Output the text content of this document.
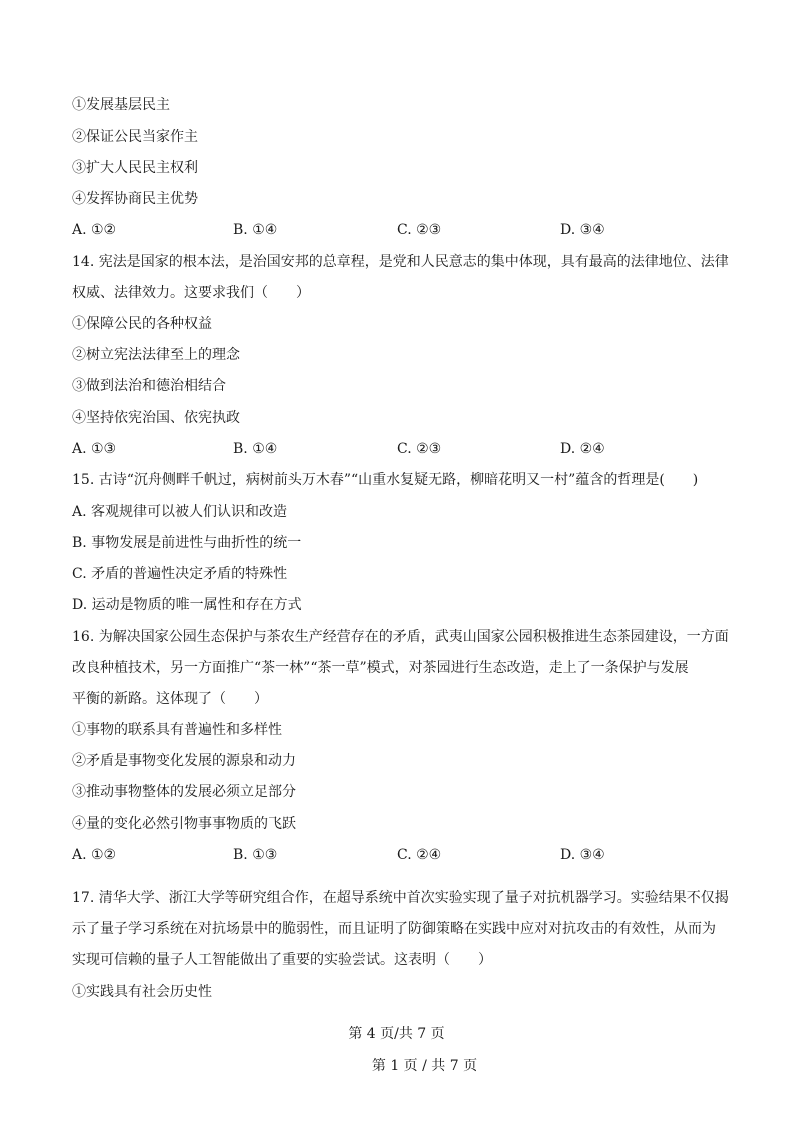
①发展基层民主
②保证公民当家作主
③扩大人民民主权利
④发挥协商民主优势
A. ①②	B. ①④	C. ②③	D. ③④
14. 宪法是国家的根本法，是治国安邦的总章程，是党和人民意志的集中体现，具有最高的法律地位、法律
权威、法律效力。这要求我们（　　）
①保障公民的各种权益
②树立宪法法律至上的理念
③做到法治和德治相结合
④坚持依宪治国、依宪执政
A. ①③	B. ①④	C. ②③	D. ②④
15. 古诗“沉舟侧畔千帆过，病树前头万木春”“山重水复疑无路，柳暗花明又一村”蕴含的哲理是(　　)
A. 客观规律可以被人们认识和改造
B. 事物发展是前进性与曲折性的统一
C. 矛盾的普遍性决定矛盾的特殊性
D. 运动是物质的唯一属性和存在方式
16. 为解决国家公园生态保护与茶农生产经营存在的矛盾，武夷山国家公园积极推进生态茶园建设，一方面
改良种植技术，另一方面推广“茶一林”“茶一草”模式，对茶园进行生态改造，走上了一条保护与发展
平衡的新路。这体现了（　　）
①事物的联系具有普遍性和多样性
②矛盾是事物变化发展的源泉和动力
③推动事物整体的发展必须立足部分
④量的变化必然引物事事物质的飞跃
A. ①②	B. ①③	C. ②④	D. ③④
17. 清华大学、浙江大学等研究组合作，在超导系统中首次实验实现了量子对抗机器学习。实验结果不仅揭
示了量子学习系统在对抗场景中的脆弱性，而且证明了防御策略在实践中应对对抗攻击的有效性，从而为
实现可信赖的量子人工智能做出了重要的实验尝试。这表明（　　）
①实践具有社会历史性
第 4 页/共 7 页
第 1 页 / 共 7 页
